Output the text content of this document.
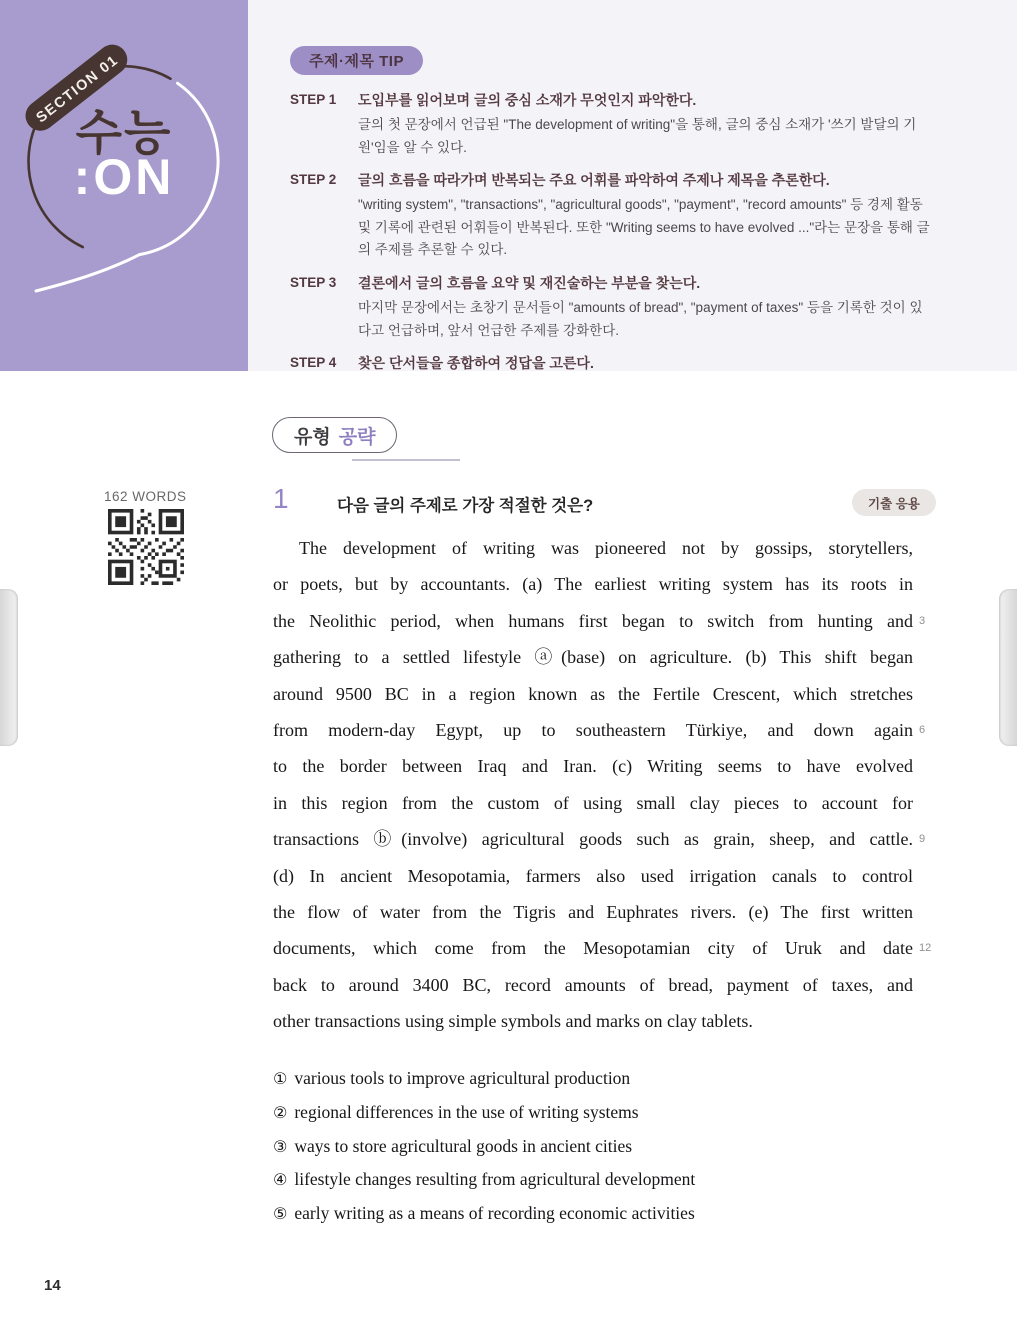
SECTION 01
수능
:ON
주제·제목 TIP
STEP 1	도입부를 읽어보며 글의 중심 소재가 무엇인지 파악한다.
글의 첫 문장에서 언급된 "The development of writing"을 통해, 글의 중심 소재가 '쓰기 발달의 기원'임을 알 수 있다.
STEP 2	글의 흐름을 따라가며 반복되는 주요 어휘를 파악하여 주제나 제목을 추론한다.
"writing system", "transactions", "agricultural goods", "payment", "record amounts" 등 경제 활동 및 기록에 관련된 어휘들이 반복된다. 또한 "Writing seems to have evolved ..."라는 문장을 통해 글의 주제를 추론할 수 있다.
STEP 3	결론에서 글의 흐름을 요약 및 재진술하는 부분을 찾는다.
마지막 문장에서는 초창기 문서들이 "amounts of bread", "payment of taxes" 등을 기록한 것이 있다고 언급하며, 앞서 언급한 주제를 강화한다.
STEP 4	찾은 단서들을 종합하여 정답을 고른다.
유형 공략
162 WORDS	1	다음 글의 주제로 가장 적절한 것은?	기출 응용
The development of writing was pioneered not by gossips, storytellers,
or poets, but by accountants. (a) The earliest writing system has its roots in
the Neolithic period, when humans first began to switch from hunting and 3
gathering to a settled lifestyle ⓐ(base) on agriculture. (b) This shift began
around 9500 BC in a region known as the Fertile Crescent, which stretches
from modern-day Egypt, up to southeastern Türkiye, and down again 6
to the border between Iraq and Iran. (c) Writing seems to have evolved
in this region from the custom of using small clay pieces to account for
transactions ⓑ(involve) agricultural goods such as grain, sheep, and cattle. 9
(d) In ancient Mesopotamia, farmers also used irrigation canals to control
the flow of water from the Tigris and Euphrates rivers. (e) The first written
documents, which come from the Mesopotamian city of Uruk and date 12
back to around 3400 BC, record amounts of bread, payment of taxes, and
other transactions using simple symbols and marks on clay tablets.
① various tools to improve agricultural production
② regional differences in the use of writing systems
③ ways to store agricultural goods in ancient cities
④ lifestyle changes resulting from agricultural development
⑤ early writing as a means of recording economic activities
14
